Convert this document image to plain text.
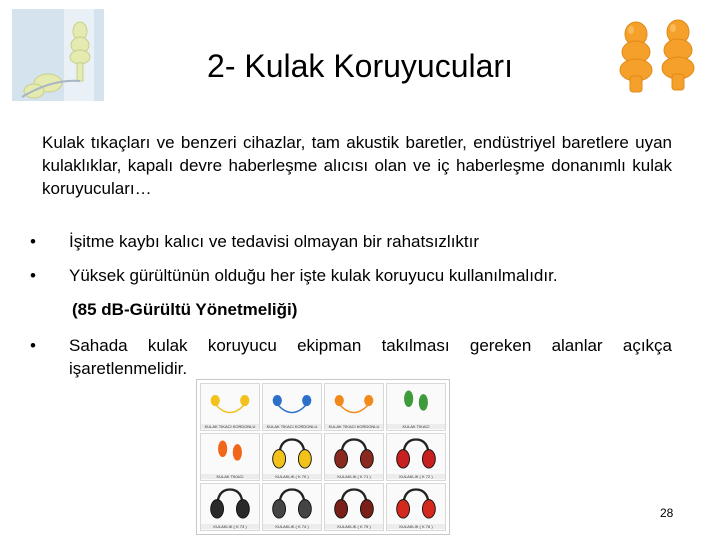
2- Kulak Koruyucuları
Kulak tıkaçları ve benzeri cihazlar, tam akustik baretler, endüstriyel baretlere uyan kulaklıklar, kapalı devre haberleşme alıcısı olan ve iç haberleşme donanımlı kulak koruyucuları…
• İşitme kaybı kalıcı ve tedavisi olmayan bir rahatsızlıktır
• Yüksek gürültünün olduğu her işte kulak koruyucu kullanılmalıdır.
(85 dB-Gürültü Yönetmeliği)
• Sahada kulak koruyucu ekipman takılması gereken alanlar açıkça işaretlenmelidir.
KULAK TIKACI KORDONLU	KULAK TIKACI KORDONLU	KULAK TIKACI KORDONLU	KULAK TIKACI
KULAK TIKACI	KULAKLIK ( K 70 )	KULAKLIK ( K 71 )	KULAKLIK ( K 72 )
KULAKLIK ( K 73 )	KULAKLIK ( K 74 )	KULAKLIK ( K 75 )	KULAKLIK ( K 76 )
28
